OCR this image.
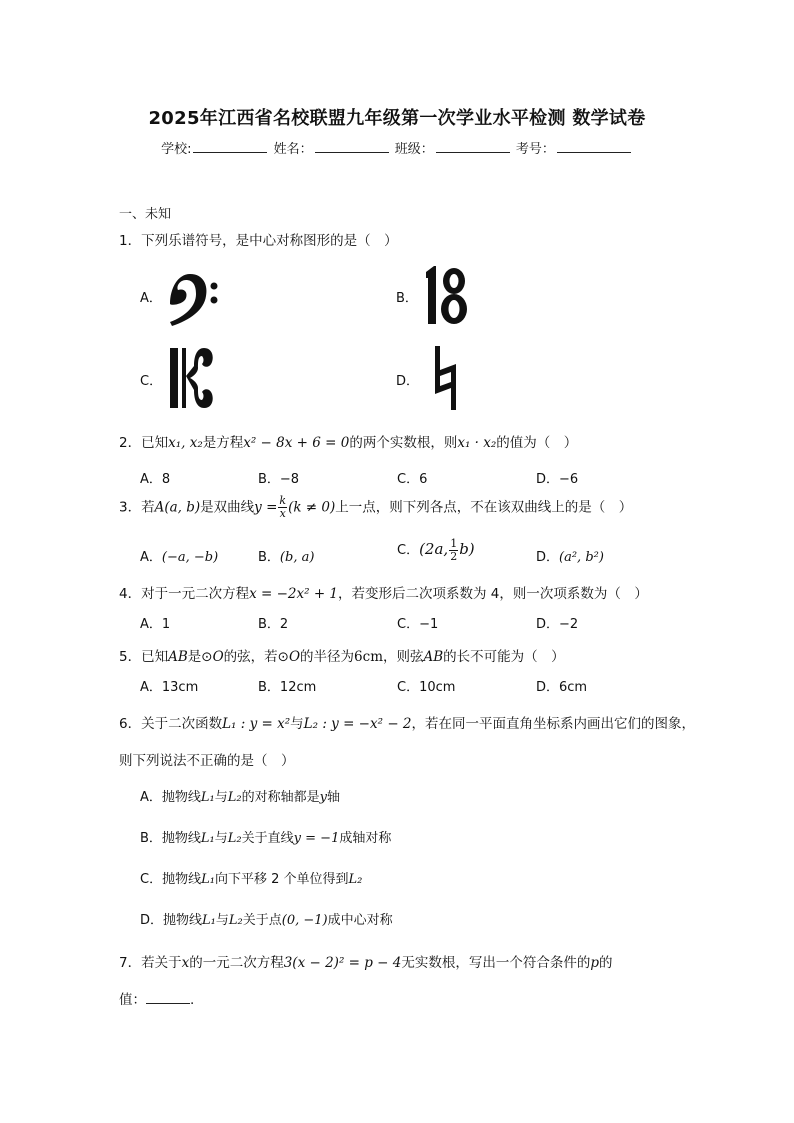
2025年江西省名校联盟九年级第一次学业水平检测 数学试卷
学校:	姓名：	班级：	考号：
一、未知
1．下列乐谱符号，是中心对称图形的是（　）
A．	B．
C．	D．
2．已知x₁, x₂是方程x² − 8x + 6 = 0的两个实数根，则x₁ · x₂的值为（　）
A．8	B．−8	C．6	D．−6
3．若A(a, b)是双曲线$y = \frac{k}{x} (k \ne 0)$上一点，则下列各点，不在该双曲线上的是（　）
A．(−a, −b)	B．(b, a)	C．(2a, $\frac{1}{2} b$)	D．(a², b²)
4．对于一元二次方程x = −2x² + 1，若变形后二次项系数为 4，则一次项系数为（　）
A．1	B．2	C．−1	D．−2
5．已知AB是⊙O的弦，若⊙O的半径为6cm，则弦AB的长不可能为（　）
A．13cm	B．12cm	C．10cm	D．6cm
6．关于二次函数L₁ : y = x²与L₂ : y = −x² − 2，若在同一平面直角坐标系内画出它们的图象，
则下列说法不正确的是（　）
A．抛物线L₁与L₂的对称轴都是y轴
B．抛物线L₁与L₂关于直线y = −1成轴对称
C．抛物线L₁向下平移 2 个单位得到L₂
D．抛物线L₁与L₂关于点(0, −1)成中心对称
7．若关于x的一元二次方程3(x − 2)² = p − 4无实数根，写出一个符合条件的p的
值：	.
